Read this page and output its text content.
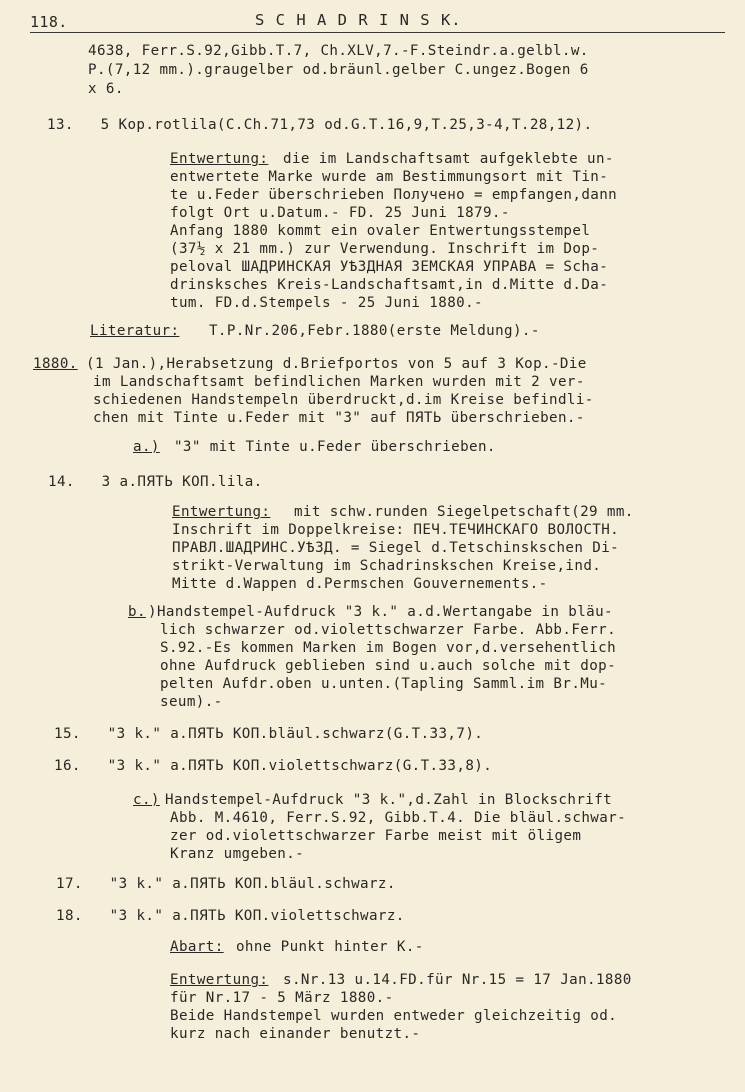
118.	S C H A D R I N S K.
4638, Ferr.S.92,Gibb.T.7, Ch.XLV,7.-F.Steindr.a.gelbl.w.
P.(7,12 mm.).graugelber od.bräunl.gelber C.ungez.Bogen 6
x 6.
13.   5 Kop.rotlila(C.Ch.71,73 od.G.T.16,9,T.25,3-4,T.28,12).
Entwertung: die im Landschaftsamt aufgeklebte un-
entwertete Marke wurde am Bestimmungsort mit Tin-
te u.Feder überschrieben Получено = empfangen,dann
folgt Ort u.Datum.- FD. 25 Juni 1879.-
Anfang 1880 kommt ein ovaler Entwertungsstempel
(37½ x 21 mm.) zur Verwendung. Inschrift im Dop-
peloval ШАДРИНСКАЯ УѢЗДНАЯ ЗЕМСКАЯ УПРАВА = Scha-
drinsksches Kreis-Landschaftsamt,in d.Mitte d.Da-
tum. FD.d.Stempels - 25 Juni 1880.-
Literatur: T.P.Nr.206,Febr.1880(erste Meldung).-
1880. (1 Jan.),Herabsetzung d.Briefportos von 5 auf 3 Kop.-Die
im Landschaftsamt befindlichen Marken wurden mit 2 ver-
schiedenen Handstempeln überdruckt,d.im Kreise befindli-
chen mit Tinte u.Feder mit "3" auf ПЯТЬ überschrieben.-
a.) "3" mit Tinte u.Feder überschrieben.
14.   3 a.ПЯТЬ КОП.lila.
Entwertung: mit schw.runden Siegelpetschaft(29 mm.
Inschrift im Doppelkreise: ПЕЧ.ТЕЧИНСКАГО ВОЛОСТН.
ПРАВЛ.ШАДРИНС.УѢЗД. = Siegel d.Tetschinskschen Di-
strikt-Verwaltung im Schadrinskschen Kreise,ind.
Mitte d.Wappen d.Permschen Gouvernements.-
b. )Handstempel-Aufdruck "3 k." a.d.Wertangabe in bläu-
lich schwarzer od.violettschwarzer Farbe. Abb.Ferr.
S.92.-Es kommen Marken im Bogen vor,d.versehentlich
ohne Aufdruck geblieben sind u.auch solche mit dop-
pelten Aufdr.oben u.unten.(Tapling Samml.im Br.Mu-
seum).-
15.   "3 k." a.ПЯТЬ КОП.bläul.schwarz(G.T.33,7).
16.   "3 k." a.ПЯТЬ КОП.violettschwarz(G.T.33,8).
c.) Handstempel-Aufdruck "3 k.",d.Zahl in Blockschrift
Abb. M.4610, Ferr.S.92, Gibb.T.4. Die bläul.schwar-
zer od.violettschwarzer Farbe meist mit öligem
Kranz umgeben.-
17.   "3 k." a.ПЯТЬ КОП.bläul.schwarz.
18.   "3 k." a.ПЯТЬ КОП.violettschwarz.
Abart: ohne Punkt hinter K.-
Entwertung: s.Nr.13 u.14.FD.für Nr.15 = 17 Jan.1880
für Nr.17 - 5 März 1880.-
Beide Handstempel wurden entweder gleichzeitig od.
kurz nach einander benutzt.-
